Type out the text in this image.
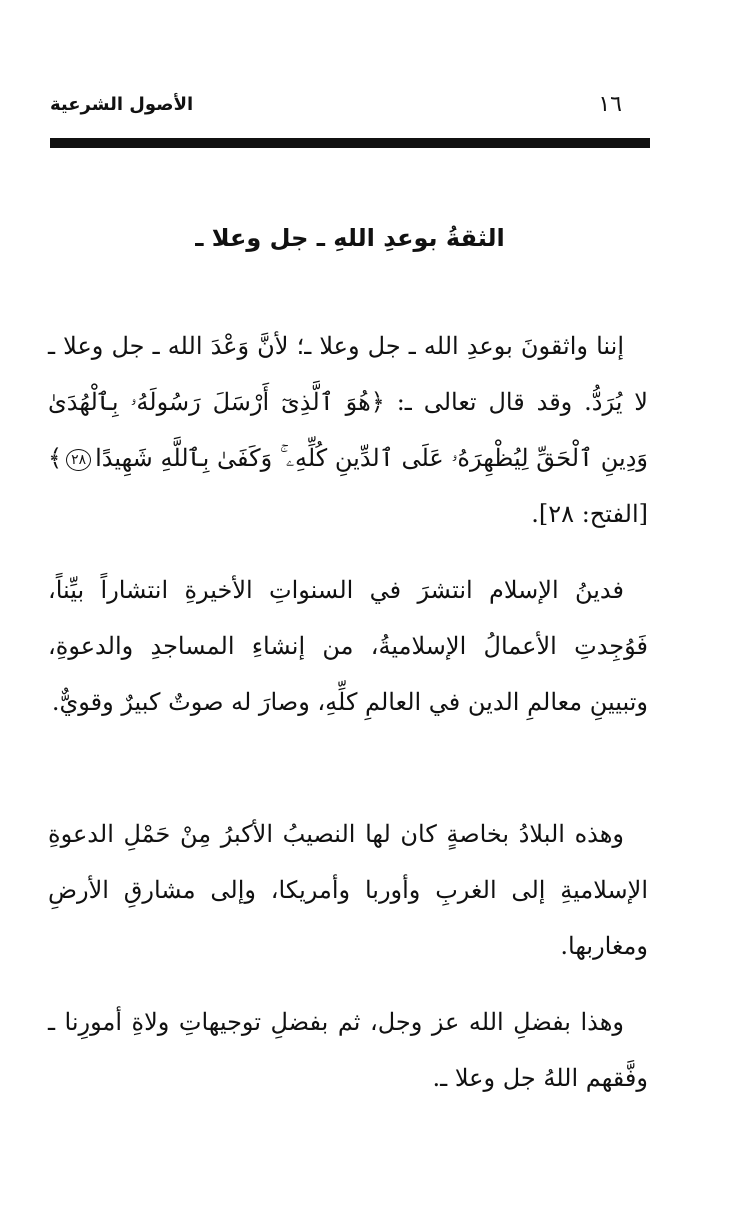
١٦
الأصول الشرعية
الثقةُ بوعدِ اللهِ ـ جل وعلا ـ

إننا واثقونَ بوعدِ الله ـ جل وعلا ـ؛ لأنَّ وَعْدَ الله ـ جل وعلا ـ لا يُرَدُّ. وقد قال تعالى ـ: ﴿هُوَ ٱلَّذِىٓ أَرْسَلَ رَسُولَهُۥ بِٱلْهُدَىٰ وَدِينِ ٱلْحَقِّ لِيُظْهِرَهُۥ عَلَى ٱلدِّينِ كُلِّهِۦ ۚ وَكَفَىٰ بِٱللَّهِ شَهِيدًا٢٨﴾ [الفتح: ٢٨].

فدينُ الإسلام انتشرَ في السنواتِ الأخيرةِ انتشاراً بيِّناً، فَوُجِدتِ الأعمالُ الإسلاميةُ، من إنشاءِ المساجدِ والدعوةِ، وتبيينِ معالمِ الدين في العالمِ كلِّهِ، وصارَ له صوتٌ كبيرٌ وقويٌّ.

وهذه البلادُ بخاصةٍ كان لها النصيبُ الأكبرُ مِنْ حَمْلِ الدعوةِ الإسلاميةِ إلى الغربِ وأوربا وأمريكا، وإلى مشارقِ الأرضِ ومغاربها.

وهذا بفضلِ الله عز وجل، ثم بفضلِ توجيهاتِ ولاةِ أمورِنا ـ وفَّقهم اللهُ جل وعلا ـ.
